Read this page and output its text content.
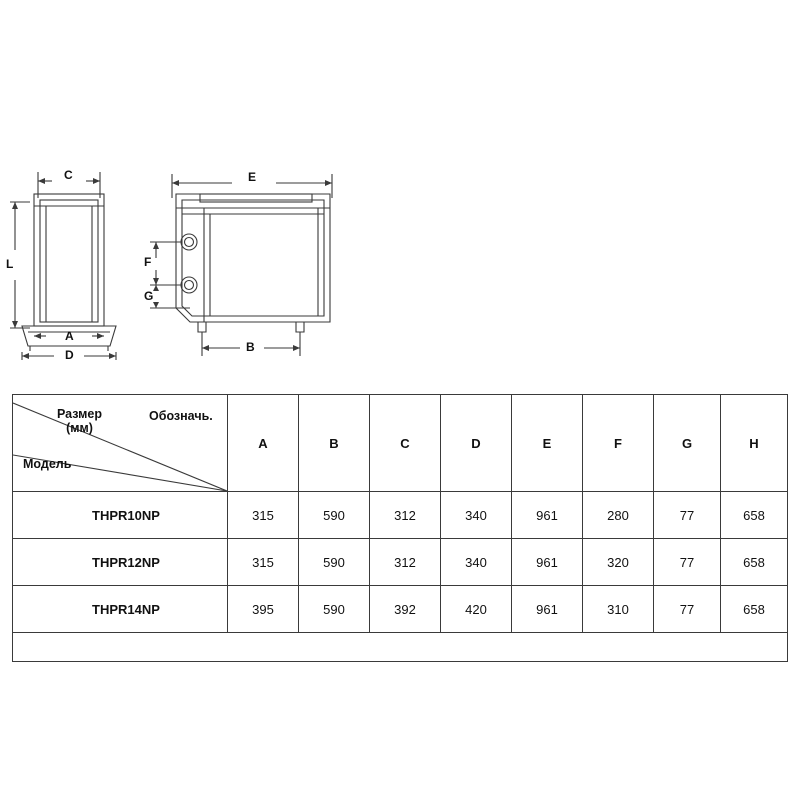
C
L
A
D
E
F
G
B
Размер
(мм)
Обозначь.
Модель	A	B	C	D	E	F	G	H
THPR10NP	315	590	312	340	961	280	77	658
THPR12NP	315	590	312	340	961	320	77	658
THPR14NP	395	590	392	420	961	310	77	658
